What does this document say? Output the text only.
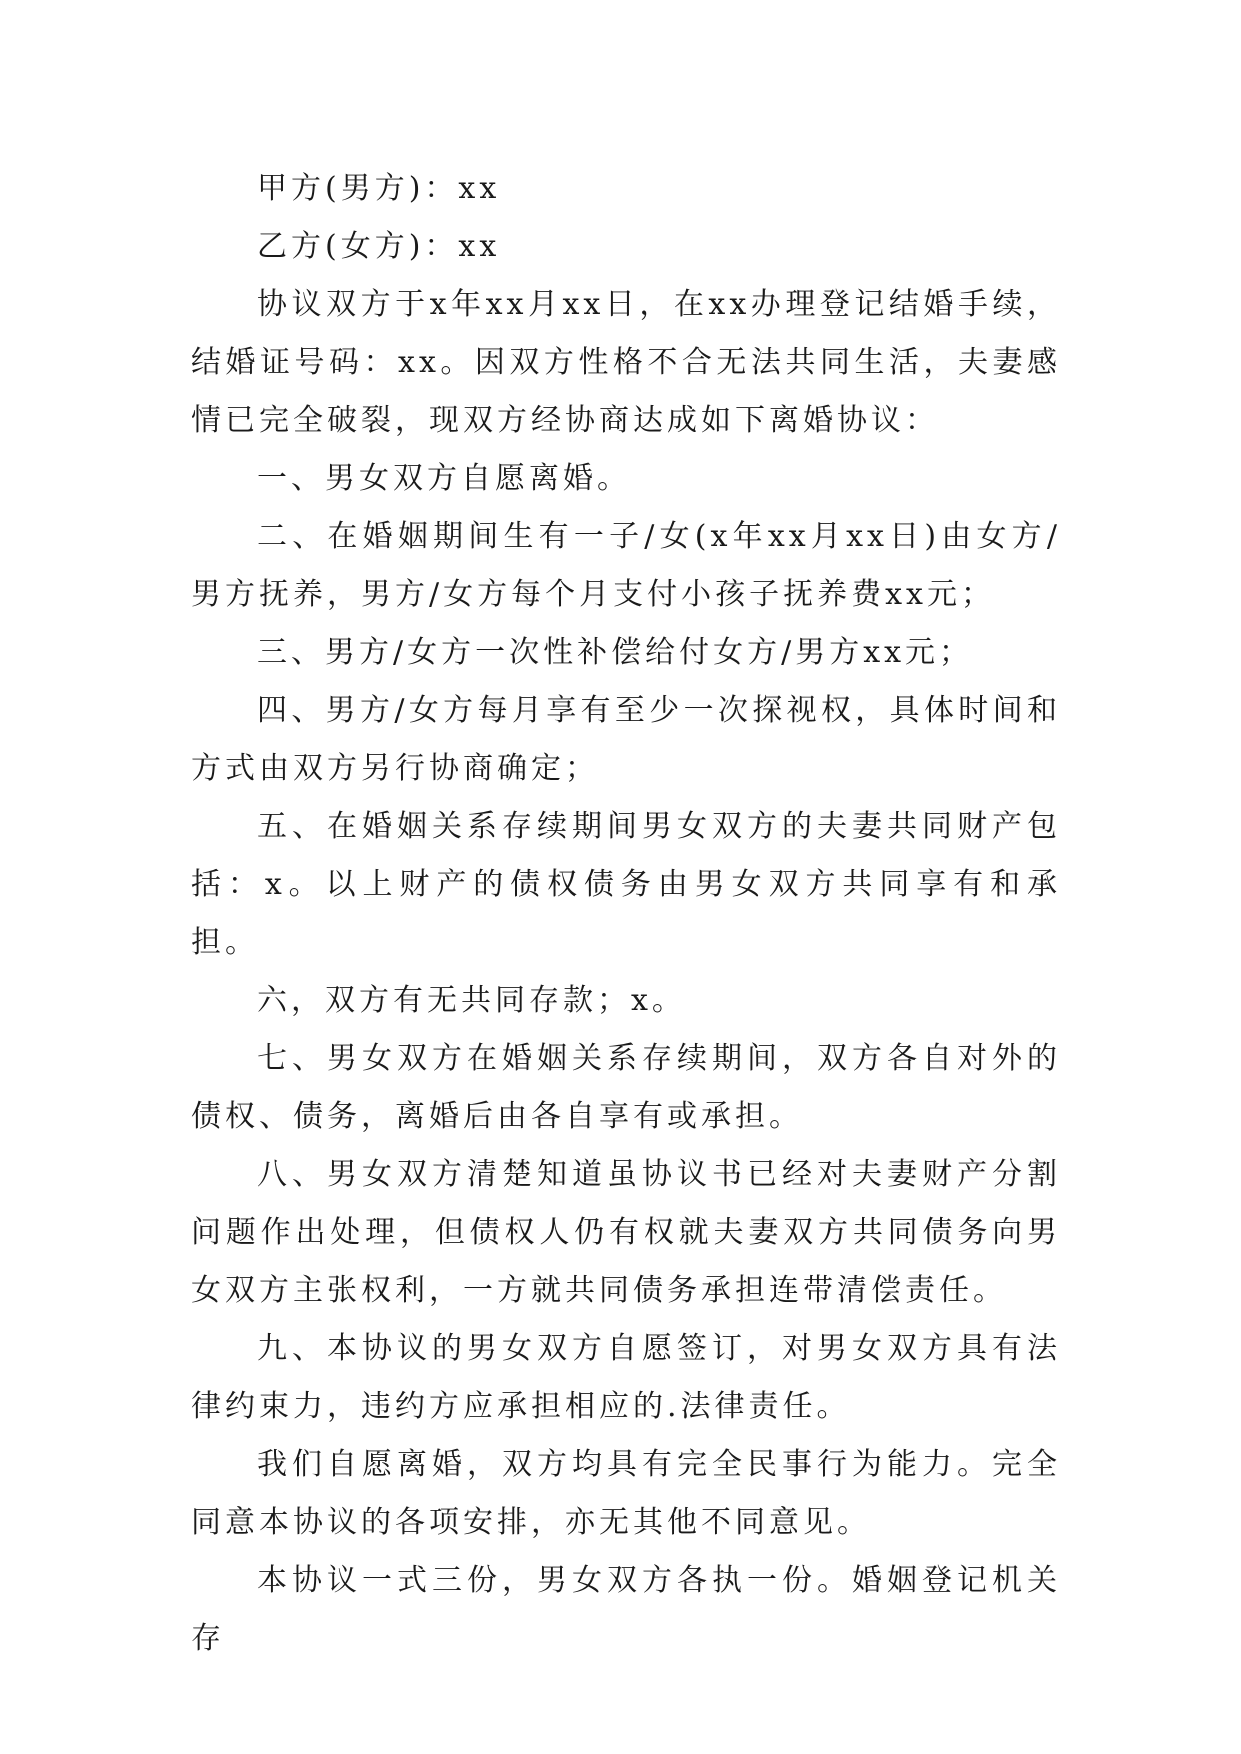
甲方(男方)：xx

乙方(女方)：xx

协议双方于x年xx月xx日，在xx办理登记结婚手续，结婚证号码：xx。因双方性格不合无法共同生活，夫妻感情已完全破裂，现双方经协商达成如下离婚协议：

一、男女双方自愿离婚。

二、在婚姻期间生有一子/女(x年xx月xx日)由女方/男方抚养，男方/女方每个月支付小孩子抚养费xx元；

三、男方/女方一次性补偿给付女方/男方xx元；

四、男方/女方每月享有至少一次探视权，具体时间和方式由双方另行协商确定；

五、在婚姻关系存续期间男女双方的夫妻共同财产包括：x。以上财产的债权债务由男女双方共同享有和承担。

六，双方有无共同存款；x。

七、男女双方在婚姻关系存续期间，双方各自对外的债权、债务，离婚后由各自享有或承担。

八、男女双方清楚知道虽协议书已经对夫妻财产分割问题作出处理，但债权人仍有权就夫妻双方共同债务向男女双方主张权利，一方就共同债务承担连带清偿责任。

九、本协议的男女双方自愿签订，对男女双方具有法律约束力，违约方应承担相应的.法律责任。

我们自愿离婚，双方均具有完全民事行为能力。完全同意本协议的各项安排，亦无其他不同意见。

本协议一式三份，男女双方各执一份。婚姻登记机关存
